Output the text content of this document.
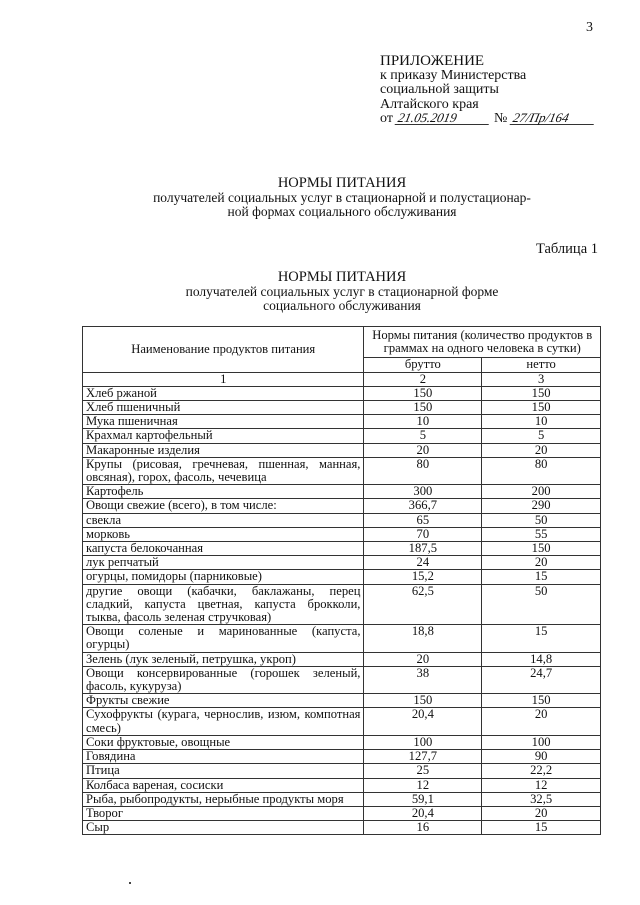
3
ПРИЛОЖЕНИЕ
к приказу Министерства
социальной защиты
Алтайского края
от 21.05.2019	№ 27/Пр/164
НОРМЫ ПИТАНИЯ
получателей социальных услуг в стационарной и полустационар-
ной формах социального обслуживания
Таблица 1
НОРМЫ ПИТАНИЯ
получателей социальных услуг в стационарной форме
социального обслуживания
Наименование продуктов питания	Нормы питания (количество продуктов в граммах на одного человека в сутки)	
	брутто	нетто
1	2	3
Хлеб ржаной	150	150
Хлеб пшеничный	150	150
Мука пшеничная	10	10
Крахмал картофельный	5	5
Макаронные изделия	20	20
Крупы (рисовая, гречневая, пшенная, манная, овсяная), горох, фасоль, чечевица	80	80
Картофель	300	200
Овощи свежие (всего), в том числе:	366,7	290
свекла	65	50
морковь	70	55
капуста белокочанная	187,5	150
лук репчатый	24	20
огурцы, помидоры (парниковые)	15,2	15
другие овощи (кабачки, баклажаны, перец сладкий, капуста цветная, капуста брокколи, тыква, фасоль зеленая стручковая)	62,5	50
Овощи соленые и маринованные (капуста, огурцы)	18,8	15
Зелень (лук зеленый, петрушка, укроп)	20	14,8
Овощи консервированные (горошек зеленый, фасоль, кукуруза)	38	24,7
Фрукты свежие	150	150
Сухофрукты (курага, чернослив, изюм, компотная смесь)	20,4	20
Соки фруктовые, овощные	100	100
Говядина	127,7	90
Птица	25	22,2
Колбаса вареная, сосиски	12	12
Рыба, рыбопродукты, нерыбные продукты моря	59,1	32,5
Творог	20,4	20
Сыр	16	15
